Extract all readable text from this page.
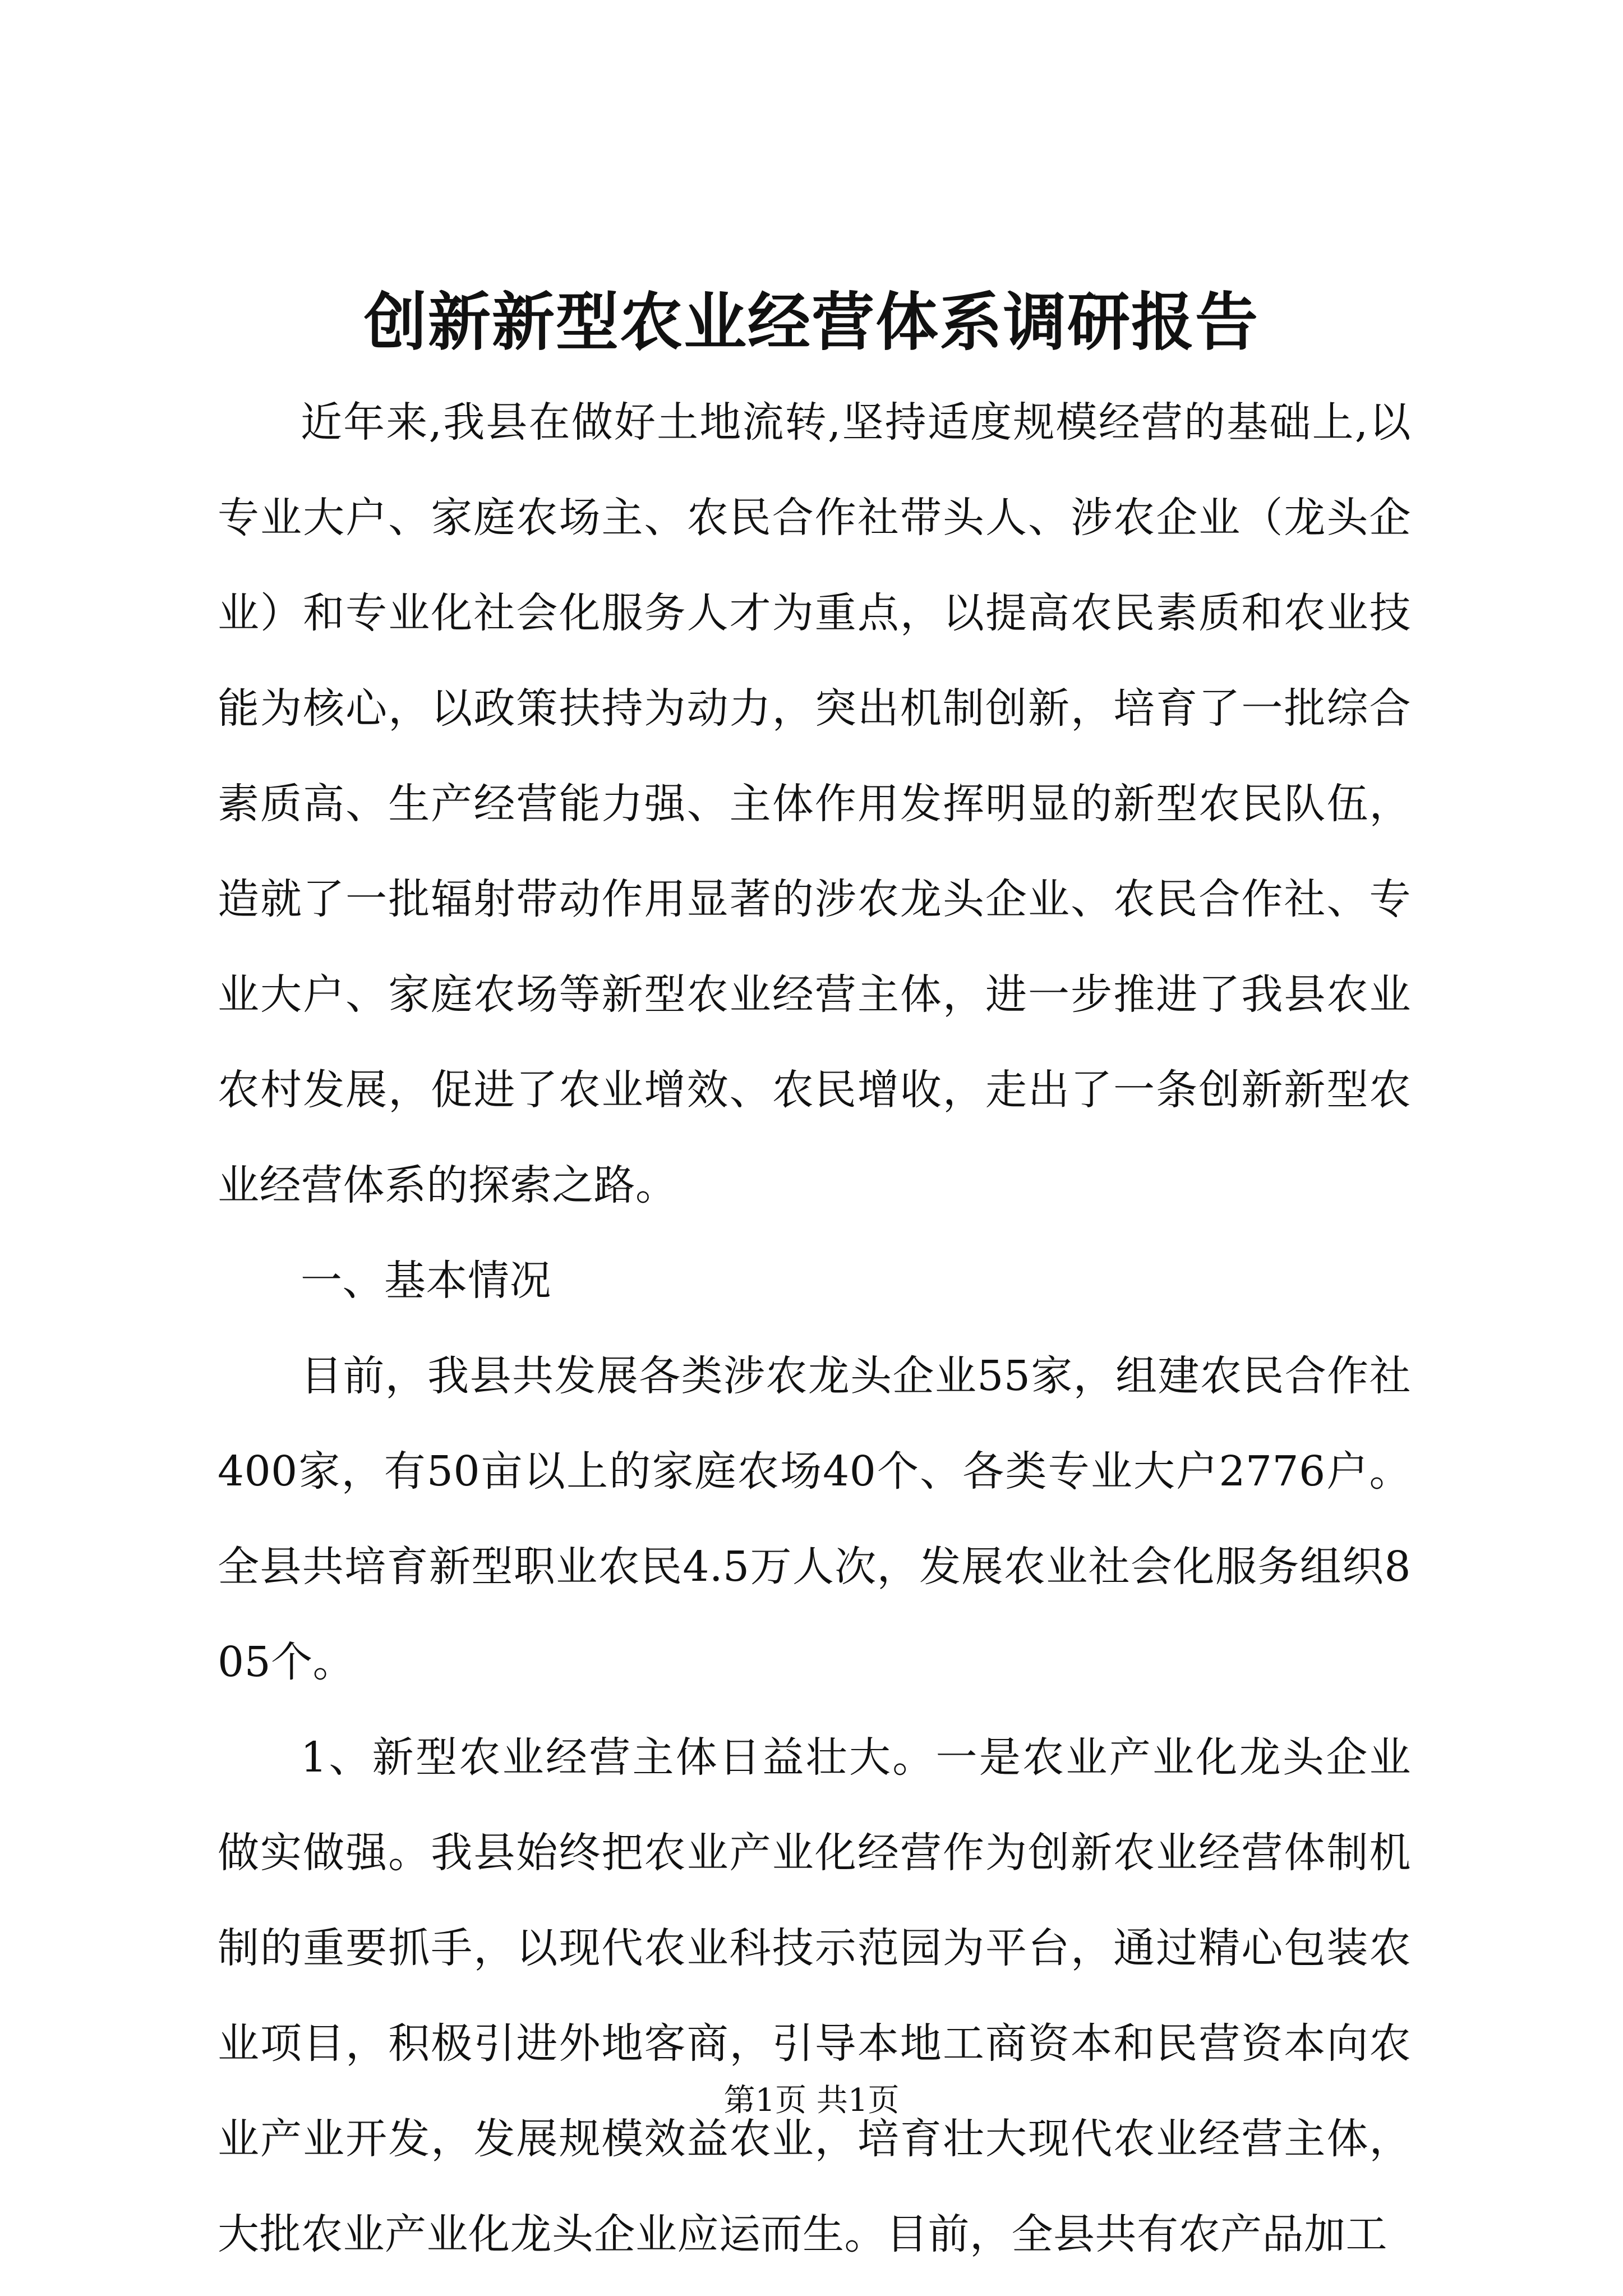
创新新型农业经营体系调研报告

近年来,我县在做好土地流转,坚持适度规模经营的基础上,以专业大户、家庭农场主、农民合作社带头人、涉农企业（龙头企业）和专业化社会化服务人才为重点，以提高农民素质和农业技能为核心，以政策扶持为动力，突出机制创新，培育了一批综合素质高、生产经营能力强、主体作用发挥明显的新型农民队伍，造就了一批辐射带动作用显著的涉农龙头企业、农民合作社、专业大户、家庭农场等新型农业经营主体，进一步推进了我县农业农村发展，促进了农业增效、农民增收，走出了一条创新新型农业经营体系的探索之路。

一、基本情况

目前，我县共发展各类涉农龙头企业55家，组建农民合作社400家，有50亩以上的家庭农场40个、各类专业大户2776户。全县共培育新型职业农民4.5万人次，发展农业社会化服务组织805个。

1、新型农业经营主体日益壮大。一是农业产业化龙头企业做实做强。我县始终把农业产业化经营作为创新农业经营体制机制的重要抓手，以现代农业科技示范园为平台，通过精心包装农业项目，积极引进外地客商，引导本地工商资本和民营资本向农业产业开发，发展规模效益农业，培育壮大现代农业经营主体，大批农业产业化龙头企业应运而生。目前，全县共有农产品加工

第1页 共1页
